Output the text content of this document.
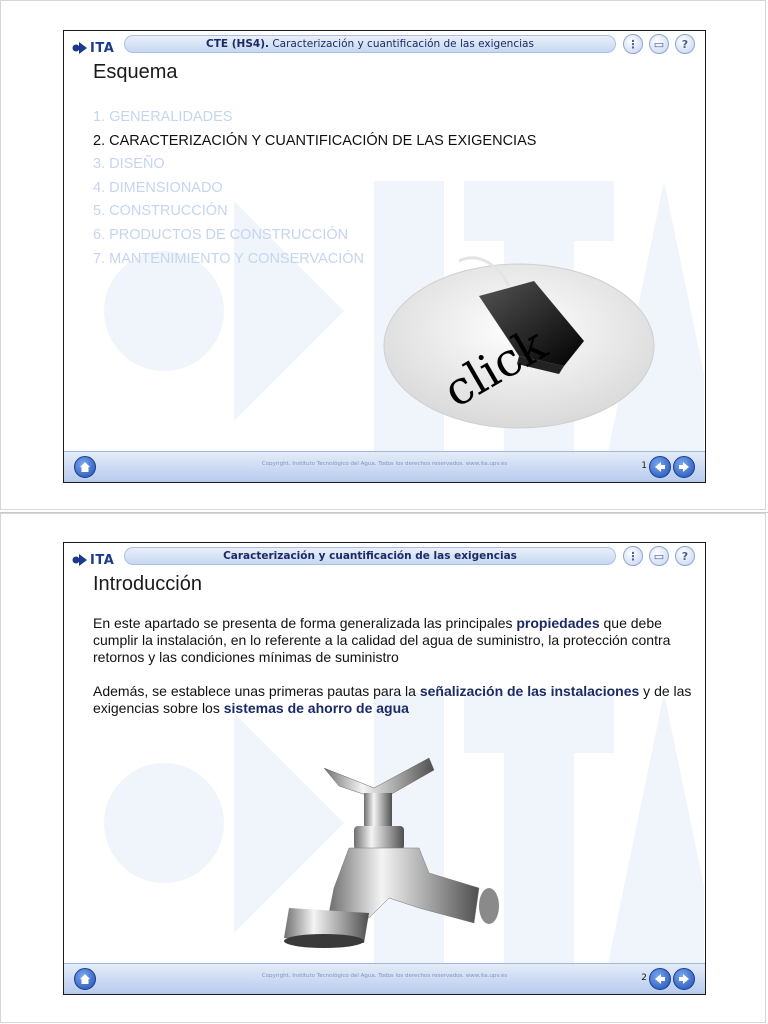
ITA	CTE (HS4). Caracterización y cuantificación de las exigencias	⋮	▭	?
Esquema
1. GENERALIDADES
2. CARACTERIZACIÓN Y CUANTIFICACIÓN DE LAS EXIGENCIAS
3. DISEÑO
4. DIMENSIONADO
5. CONSTRUCCIÓN
6. PRODUCTOS DE CONSTRUCCIÓN
7. MANTENIMIENTO Y CONSERVACIÓN
click
Copyright. Instituto Tecnológico del Agua. Todos los derechos reservados. www.ita.upv.es	1
ITA	Caracterización y cuantificación de las exigencias	⋮	▭	?
Introducción

En este apartado se presenta de forma generalizada las principales propiedades que debe cumplir la instalación, en lo referente a la calidad del agua de suministro, la protección contra retornos y las condiciones mínimas de suministro

Además, se establece unas primeras pautas para la señalización de las instalaciones y de las exigencias sobre los sistemas de ahorro de agua

Copyright. Instituto Tecnológico del Agua. Todos los derechos reservados. www.ita.upv.es	2
